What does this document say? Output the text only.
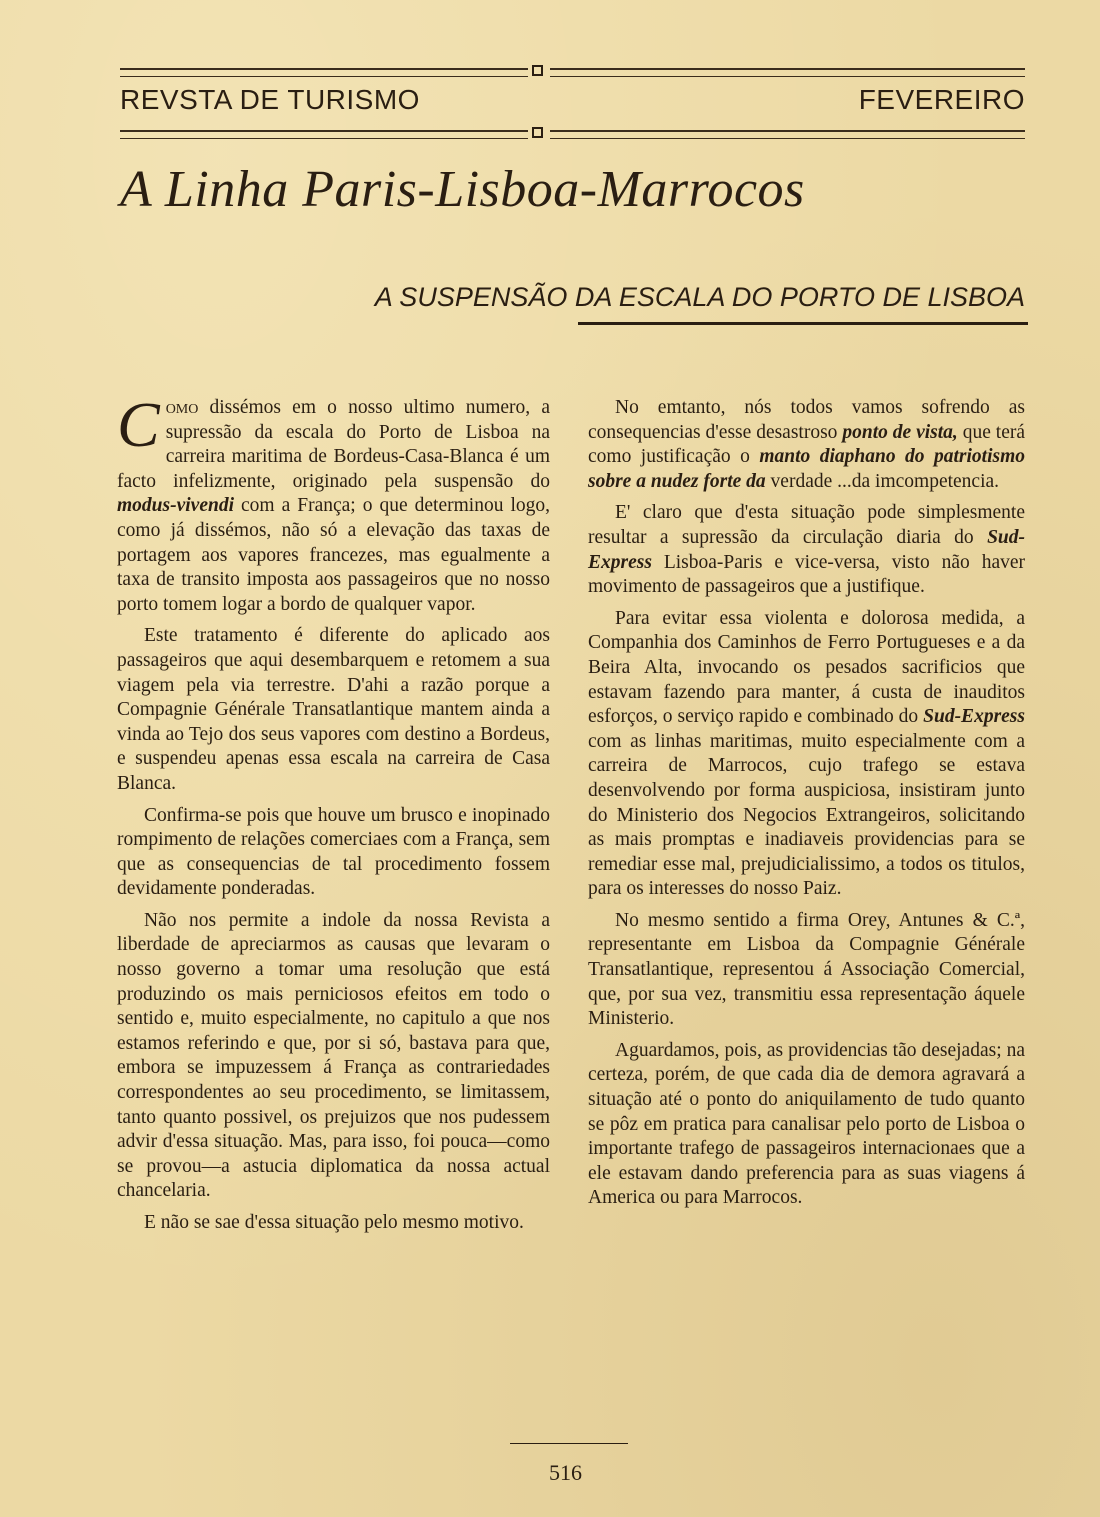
REVSTA DE TURISMO	FEVEREIRO
A Linha Paris-Lisboa-Marrocos
A SUSPENSÃO DA ESCALA DO PORTO DE LISBOA

Como dissémos em o nosso ultimo numero, a supressão da escala do Porto de Lisboa na carreira maritima de Bordeus-Casa-Blanca é um facto infelizmente, originado pela suspensão do modus-vivendi com a França; o que determinou logo, como já dissémos, não só a elevação das taxas de portagem aos vapores francezes, mas egualmente a taxa de transito imposta aos passageiros que no nosso porto tomem logar a bordo de qualquer vapor.

Este tratamento é diferente do aplicado aos passageiros que aqui desembarquem e retomem a sua viagem pela via terrestre. D'ahi a razão porque a Compagnie Générale Transatlantique mantem ainda a vinda ao Tejo dos seus vapores com destino a Bordeus, e suspendeu apenas essa escala na carreira de Casa Blanca.

Confirma-se pois que houve um brusco e inopinado rompimento de relações comerciaes com a França, sem que as consequencias de tal procedimento fossem devidamente ponderadas.

Não nos permite a indole da nossa Revista a liberdade de apreciarmos as causas que levaram o nosso governo a tomar uma resolução que está produzindo os mais perniciosos efeitos em todo o sentido e, muito especialmente, no capitulo a que nos estamos referindo e que, por si só, bastava para que, embora se impuzessem á França as contrariedades correspondentes ao seu procedimento, se limitassem, tanto quanto possivel, os prejuizos que nos pudessem advir d'essa situação. Mas, para isso, foi pouca—como se provou—a astucia diplomatica da nossa actual chancelaria.

E não se sae d'essa situação pelo mesmo motivo.

No emtanto, nós todos vamos sofrendo as consequencias d'esse desastroso ponto de vista, que terá como justificação o manto diaphano do patriotismo sobre a nudez forte da verdade ...da imcompetencia.

E' claro que d'esta situação pode simplesmente resultar a supressão da circulação diaria do Sud-Express Lisboa-Paris e vice-versa, visto não haver movimento de passageiros que a justifique.

Para evitar essa violenta e dolorosa medida, a Companhia dos Caminhos de Ferro Portugueses e a da Beira Alta, invocando os pesados sacrificios que estavam fazendo para manter, á custa de inauditos esforços, o serviço rapido e combinado do Sud-Express com as linhas maritimas, muito especialmente com a carreira de Marrocos, cujo trafego se estava desenvolvendo por forma auspiciosa, insistiram junto do Ministerio dos Negocios Extrangeiros, solicitando as mais promptas e inadiaveis providencias para se remediar esse mal, prejudicialissimo, a todos os titulos, para os interesses do nosso Paiz.

No mesmo sentido a firma Orey, Antunes & C.ª, representante em Lisboa da Compagnie Générale Transatlantique, representou á Associação Comercial, que, por sua vez, transmitiu essa representação áquele Ministerio.

Aguardamos, pois, as providencias tão desejadas; na certeza, porém, de que cada dia de demora agravará a situação até o ponto do aniquilamento de tudo quanto se pôz em pratica para canalisar pelo porto de Lisboa o importante trafego de passageiros internacionaes que a ele estavam dando preferencia para as suas viagens á America ou para Marrocos.

516
